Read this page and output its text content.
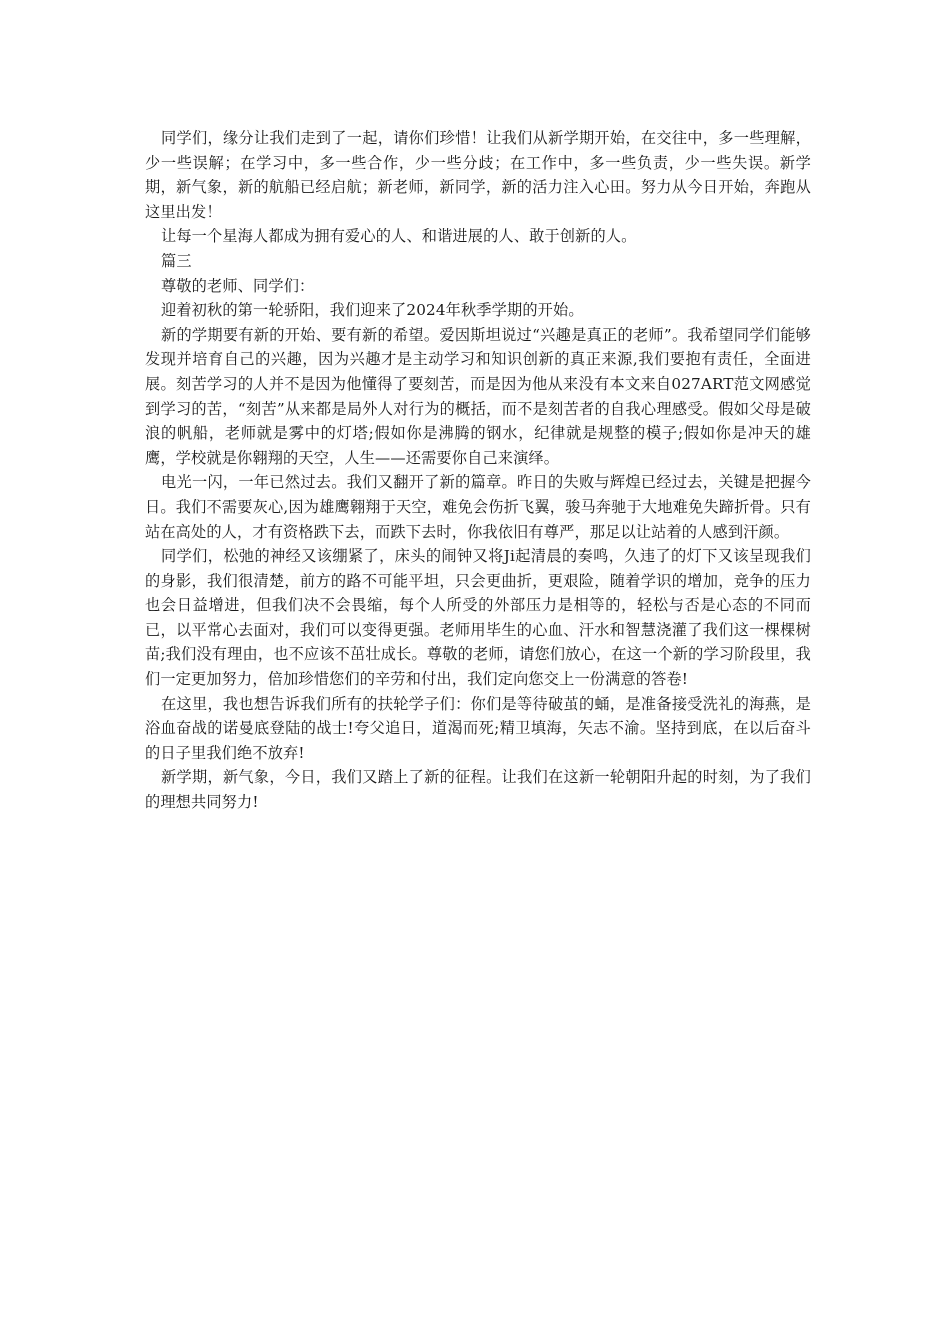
同学们，缘分让我们走到了一起，请你们珍惜！让我们从新学期开始，在交往中，多一些理解，少一些误解；在学习中，多一些合作，少一些分歧；在工作中，多一些负责，少一些失误。新学期，新气象，新的航船已经启航；新老师，新同学，新的活力注入心田。努力从今日开始，奔跑从这里出发！

让每一个星海人都成为拥有爱心的人、和谐进展的人、敢于创新的人。

篇三

尊敬的老师、同学们：

迎着初秋的第一轮骄阳，我们迎来了2024年秋季学期的开始。

新的学期要有新的开始、要有新的希望。爱因斯坦说过“兴趣是真正的老师”。我希望同学们能够发现并培育自己的兴趣，因为兴趣才是主动学习和知识创新的真正来源,我们要抱有责任，全面进展。刻苦学习的人并不是因为他懂得了要刻苦，而是因为他从来没有本文来自027ART范文网感觉到学习的苦，“刻苦”从来都是局外人对行为的概括，而不是刻苦者的自我心理感受。假如父母是破浪的帆船，老师就是雾中的灯塔;假如你是沸腾的钢水，纪律就是规整的模子;假如你是冲天的雄鹰，学校就是你翱翔的天空，人生——还需要你自己来演绎。

电光一闪，一年已然过去。我们又翻开了新的篇章。昨日的失败与辉煌已经过去，关键是把握今日。我们不需要灰心,因为雄鹰翱翔于天空，难免会伤折飞翼，骏马奔驰于大地难免失蹄折骨。只有站在高处的人，才有资格跌下去，而跌下去时，你我依旧有尊严，那足以让站着的人感到汗颜。

同学们，松弛的神经又该绷紧了，床头的闹钟又将Ji起清晨的奏鸣，久违了的灯下又该呈现我们的身影，我们很清楚，前方的路不可能平坦，只会更曲折，更艰险，随着学识的增加，竞争的压力也会日益增进，但我们决不会畏缩，每个人所受的外部压力是相等的，轻松与否是心态的不同而已，以平常心去面对，我们可以变得更强。老师用毕生的心血、汗水和智慧浇灌了我们这一棵棵树苗;我们没有理由，也不应该不茁壮成长。尊敬的老师，请您们放心，在这一个新的学习阶段里，我们一定更加努力，倍加珍惜您们的辛劳和付出，我们定向您交上一份满意的答卷!

在这里，我也想告诉我们所有的扶轮学子们：你们是等待破茧的蛹，是准备接受洗礼的海燕，是浴血奋战的诺曼底登陆的战士!夸父追日，道渴而死;精卫填海，矢志不渝。坚持到底，在以后奋斗的日子里我们绝不放弃!

新学期，新气象，今日，我们又踏上了新的征程。让我们在这新一轮朝阳升起的时刻，为了我们的理想共同努力!
